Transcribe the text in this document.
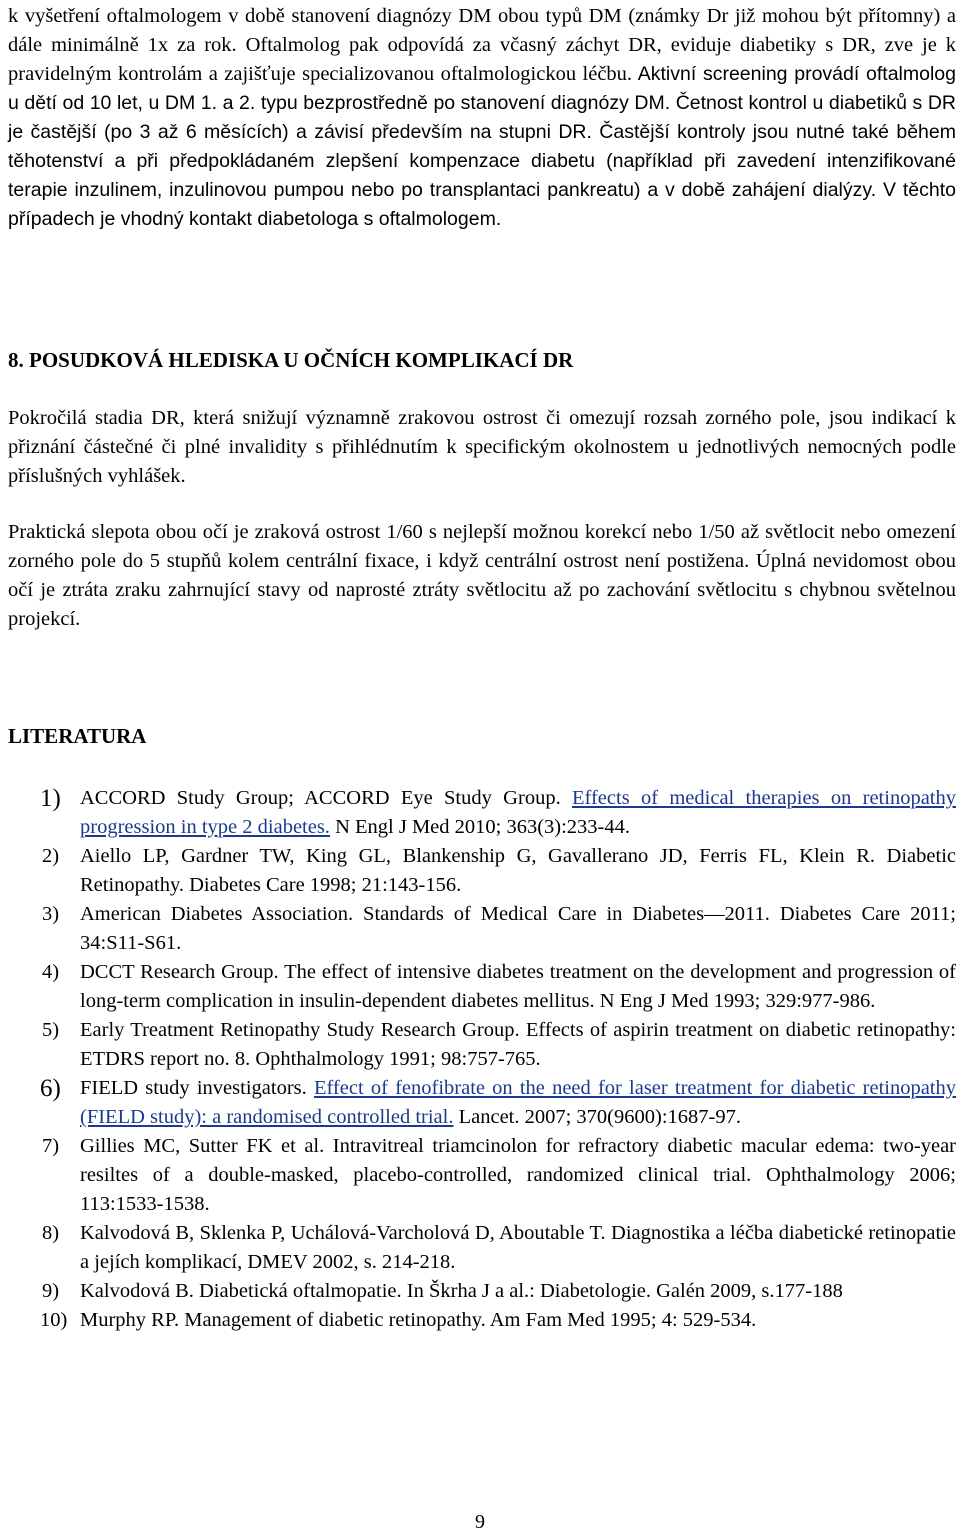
k vyšetření oftalmologem v době stanovení diagnózy DM obou typů DM (známky Dr již mohou být přítomny) a dále minimálně 1x za rok. Oftalmolog pak odpovídá za včasný záchyt DR, eviduje diabetiky s DR, zve je k pravidelným kontrolám a zajišťuje specializovanou oftalmologickou léčbu. Aktivní screening provádí oftalmolog u dětí od 10 let, u DM 1. a 2. typu bezprostředně po stanovení diagnózy DM. Četnost kontrol u diabetiků s DR je častější (po 3 až 6 měsících) a závisí především na stupni DR. Častější kontroly jsou nutné také během těhotenství a při předpokládaném zlepšení kompenzace diabetu (například při zavedení intenzifikované terapie inzulinem, inzulinovou pumpou nebo po transplantaci pankreatu) a v době zahájení dialýzy. V těchto případech je vhodný kontakt diabetologa s oftalmologem.

8. POSUDKOVÁ HLEDISKA U OČNÍCH KOMPLIKACÍ DR

Pokročilá stadia DR, která snižují významně zrakovou ostrost či omezují rozsah zorného pole, jsou indikací k přiznání částečné či plné invalidity s přihlédnutím k specifickým okolnostem u jednotlivých nemocných podle příslušných vyhlášek.

Praktická slepota obou očí je zraková ostrost 1/60 s nejlepší možnou korekcí nebo 1/50 až světlocit nebo omezení zorného pole do 5 stupňů kolem centrální fixace, i když centrální ostrost není postižena. Úplná nevidomost obou očí je ztráta zraku zahrnující stavy od naprosté ztráty světlocitu až po zachování světlocitu s chybnou světelnou projekcí.

LITERATURA
1) ACCORD Study Group; ACCORD Eye Study Group. Effects of medical therapies on retinopathy progression in type 2 diabetes. N Engl J Med 2010; 363(3):233-44.
2)	Aiello LP, Gardner TW, King GL, Blankenship G, Gavallerano JD, Ferris FL, Klein R. Diabetic Retinopathy. Diabetes Care 1998; 21:143-156.
3)	American Diabetes Association. Standards of Medical Care in Diabetes—2011. Diabetes Care 2011; 34:S11-S61.
4)	DCCT Research Group. The effect of intensive diabetes treatment on the development and progression of long-term complication in insulin-dependent diabetes mellitus. N Eng J Med 1993; 329:977-986.
5)	Early Treatment Retinopathy Study Research Group. Effects of aspirin treatment on diabetic retinopathy: ETDRS report no. 8. Ophthalmology 1991; 98:757-765.
6) FIELD study investigators. Effect of fenofibrate on the need for laser treatment for diabetic retinopathy (FIELD study): a randomised controlled trial. Lancet. 2007; 370(9600):1687-97.
7)	Gillies MC, Sutter FK et al. Intravitreal triamcinolon for refractory diabetic macular edema: two-year resiltes of a double-masked, placebo-controlled, randomized clinical trial. Ophthalmology 2006; 113:1533-1538.
8)	Kalvodová B, Sklenka P, Uchálová-Varcholová D, Aboutable T. Diagnostika a léčba diabetické retinopatie a jejích komplikací, DMEV 2002, s. 214-218.
9)	Kalvodová B. Diabetická oftalmopatie. In Škrha J a al.: Diabetologie. Galén 2009, s.177-188
10) Murphy RP. Management of diabetic retinopathy. Am Fam Med 1995; 4: 529-534.
9
